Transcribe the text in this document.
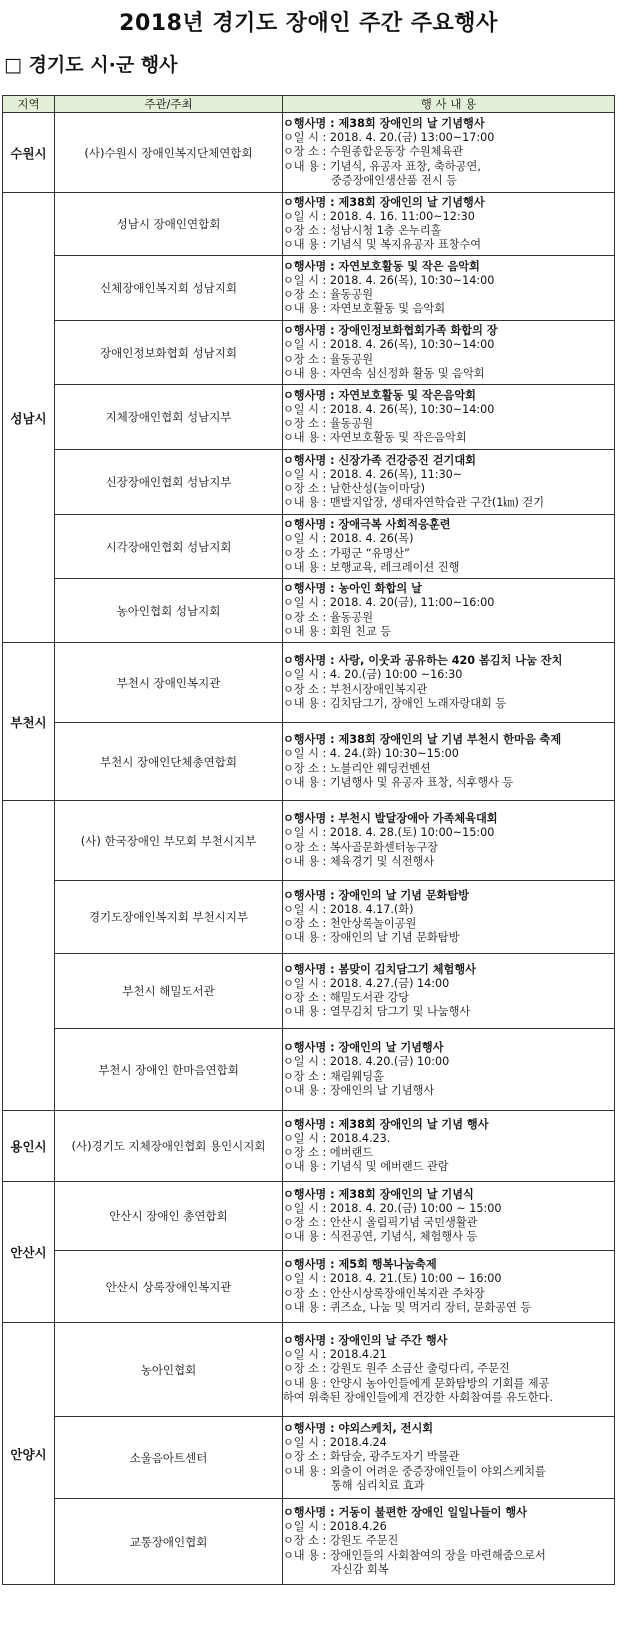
2018년 경기도 장애인 주간 주요행사
□ 경기도 시·군 행사
지역	주관/주최	행 사 내 용
수원시	(사)수원시 장애인복지단체연합회	ㅇ행사명 : 제38회 장애인의 날 기념행사
ㅇ일 시 : 2018. 4. 20.(금) 13:00~17:00
ㅇ장 소 : 수원종합운동장 수원체육관
ㅇ내 용 : 기념식, 유공자 표창, 축하공연,
중증장애인생산품 전시 등

성남시	성남시 장애인연합회	ㅇ행사명 : 제38회 장애인의 날 기념행사
ㅇ일 시 : 2018. 4. 16. 11:00~12:30
ㅇ장 소 : 성남시청 1층 온누리홀
ㅇ내 용 : 기념식 및 복지유공자 표창수여

	신체장애인복지회 성남지회	ㅇ행사명 : 자연보호활동 및 작은 음악회
ㅇ일 시 : 2018. 4. 26(목), 10:30~14:00
ㅇ장 소 : 율동공원
ㅇ내 용 : 자연보호활동 및 음악회

	장애인정보화협회 성남지회	ㅇ행사명 : 장애인정보화협회가족 화합의 장
ㅇ일 시 : 2018. 4. 26(목), 10:30~14:00
ㅇ장 소 : 율동공원
ㅇ내 용 : 자연속 심신정화 활동 및 음악회

	지체장애인협회 성남지부	ㅇ행사명 : 자연보호활동 및 작은음악회
ㅇ일 시 : 2018. 4. 26(목), 10:30~14:00
ㅇ장 소 : 율동공원
ㅇ내 용 : 자연보호활동 및 작은음악회

	신장장애인협회 성남지부	ㅇ행사명 : 신장가족 건강증진 걷기대회
ㅇ일 시 : 2018. 4. 26(목), 11:30~
ㅇ장 소 : 남한산성(놀이마당)
ㅇ내 용 : 맨발지압장, 생태자연학습관 구간(1㎞) 걷기

	시각장애인협회 성남지회	ㅇ행사명 : 장애극복 사회적응훈련
ㅇ일 시 : 2018. 4. 26(목)
ㅇ장 소 : 가평군 “유명산”
ㅇ내 용 : 보행교육, 레크레이션 진행

	농아인협회 성남지회	ㅇ행사명 : 농아인 화합의 날
ㅇ일 시 : 2018. 4. 20(금), 11:00~16:00
ㅇ장 소 : 율동공원
ㅇ내 용 : 회원 친교 등

부천시	부천시 장애인복지관	ㅇ행사명 : 사랑, 이웃과 공유하는 420 봄김치 나눔 잔치
ㅇ일 시 : 4. 20.(금) 10:00 ~16:30
ㅇ장 소 : 부천시장애인복지관
ㅇ내 용 : 김치담그기, 장애인 노래자랑대회 등

	부천시 장애인단체총연합회	ㅇ행사명 : 제38회 장애인의 날 기념 부천시 한마음 축제
ㅇ일 시 : 4. 24.(화) 10:30~15:00
ㅇ장 소 : 노블리안 웨딩컨벤션
ㅇ내 용 : 기념행사 및 유공자 표창, 식후행사 등

	(사) 한국장애인 부모회 부천시지부	ㅇ행사명 : 부천시 발달장애아 가족체육대회
ㅇ일 시 : 2018. 4. 28.(토) 10:00~15:00
ㅇ장 소 : 복사골문화센터농구장
ㅇ내 용 : 체육경기 및 식전행사

	경기도장애인복지회 부천시지부	ㅇ행사명 : 장애인의 날 기념 문화탐방
ㅇ일 시 : 2018. 4.17.(화)
ㅇ장 소 : 천안상록놀이공원
ㅇ내 용 : 장애인의 날 기념 문화탐방

	부천시 해밀도서관	ㅇ행사명 : 봄맞이 김치담그기 체험행사
ㅇ일 시 : 2018. 4.27.(금) 14:00
ㅇ장 소 : 해밀도서관 강당
ㅇ내 용 : 열무김치 담그기 및 나눔행사

	부천시 장애인 한마음연합회	ㅇ행사명 : 장애인의 날 기념행사
ㅇ일 시 : 2018. 4.20.(금) 10:00
ㅇ장 소 : 채림웨딩홀
ㅇ내 용 : 장애인의 날 기념행사

용인시	(사)경기도 지체장애인협회 용인시지회	ㅇ행사명 : 제38회 장애인의 날 기념 행사
ㅇ일 시 : 2018.4.23.
ㅇ장 소 : 에버랜드
ㅇ내 용 : 기념식 및 에버랜드 관람

안산시	안산시 장애인 총연합회	ㅇ행사명 : 제38회 장애인의 날 기념식
ㅇ일 시 : 2018. 4. 20.(금) 10:00 ~ 15:00
ㅇ장 소 : 안산시 올림픽기념 국민생활관
ㅇ내 용 : 식전공연, 기념식, 체험행사 등

	안산시 상록장애인복지관	ㅇ행사명 : 제5회 행복나눔축제
ㅇ일 시 : 2018. 4. 21.(토) 10:00 ~ 16:00
ㅇ장 소 : 안산시상록장애인복지관 주차장
ㅇ내 용 : 퀴즈쇼, 나눔 및 먹거리 장터, 문화공연 등

안양시	농아인협회	ㅇ행사명 : 장애인의 날 주간 행사
ㅇ일 시 : 2018.4.21
ㅇ장 소 : 강원도 원주 소금산 출렁다리, 주문진
ㅇ내 용 : 안양시 농아인들에게 문화탐방의 기회를 제공
하여 위축된 장애인들에게 건강한 사회참여를 유도한다.

	소울음아트센터	ㅇ행사명 : 야외스케치, 전시회
ㅇ일 시 : 2018.4.24
ㅇ장 소 : 화담숲, 광주도자기 박물관
ㅇ내 용 : 외출이 어려운 중증장애인들이 야외스케치를
통해 심리치료 효과

	교통장애인협회	ㅇ행사명 : 거동이 불편한 장애인 일일나들이 행사
ㅇ일 시 : 2018.4.26
ㅇ장 소 : 강원도 주문진
ㅇ내 용 : 장애인들의 사회참여의 장을 마련해줌으로서
자신감 회복
